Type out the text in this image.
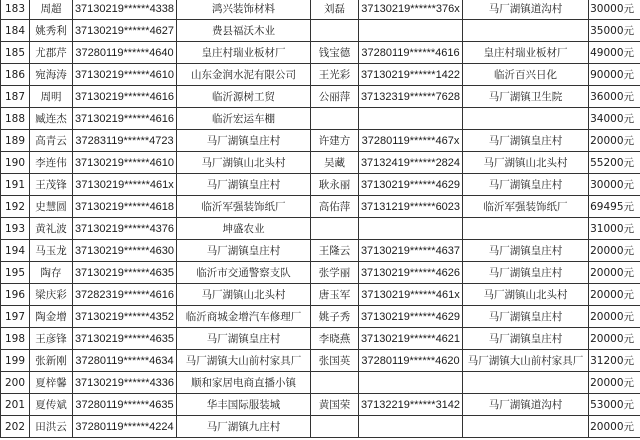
183	周超	37130219******4338	鸿兴装饰材料	刘磊	37130219******376x	马厂湖镇道沟村	30000元
184	姚秀利	37130219******4627	费县福沃木业				35000元
185	尤郡芹	37280119******4640	皇庄村瑞业板材厂	钱宝德	37280119******4616	皇庄村瑞业板材厂	49000元
186	宛海涛	37130219******4610	山东金润水泥有限公司	王光彩	37130219******1422	临沂百兴日化	90000元
187	周明	37130219******4616	临沂源树工贸	公丽萍	37132319******7628	马厂湖镇卫生院	36000元
188	臧连杰	37130219******4616	临沂宏运车棚				34000元
189	高青云	37283119******4723	马厂湖镇皇庄村	许建方	37280119******467x	马厂湖镇皇庄村	20000元
190	李连伟	37130219******4610	马厂湖镇山北头村	吴藏	37132419******2824	马厂湖镇山北头村	55200元
191	王茂锋	37130219******461x	马厂湖镇皇庄村	耿永丽	37130219******4629	马厂湖镇皇庄村	30000元
192	史慧圆	37130219******4618	临沂军强装饰纸厂	高佑萍	37131219******6023	临沂军强装饰纸厂	69495元
193	黄礼波	37130219******4376	坤盛农业				31000元
194	马玉龙	37130219******4630	马厂湖镇皇庄村	王隆云	37130219******4637	马厂湖镇皇庄村	20000元
195	陶存	37130219******4635	临沂市交通警察支队	张学丽	37130219******4626	马厂湖镇皇庄村	20000元
196	梁庆彩	37282319******4616	马厂湖镇山北头村	唐玉军	37130219******461x	马厂湖镇山北头村	20000元
197	陶金增	37130219******4352	临沂商城金增汽车修理厂	姚子秀	37130219******4629	马厂湖镇皇庄村	20000元
198	王彦锋	37130219******4635	马厂湖镇皇庄村	李晓燕	37130219******4621	马厂湖镇皇庄村	20000元
199	张新刚	37280119******4634	马厂湖镇大山前村家具厂	张国英	37280119******4620	马厂湖镇大山前村家具厂	31200元
200	夏梓馨	37130219******4336	顺和家居电商直播小镇				20000元
201	夏传斌	37280119******4635	华丰国际服装城	黄国荣	37132219******3142	马厂湖镇道沟村	53000元
202	田洪云	37280119******4224	马厂湖镇九庄村				20000元
